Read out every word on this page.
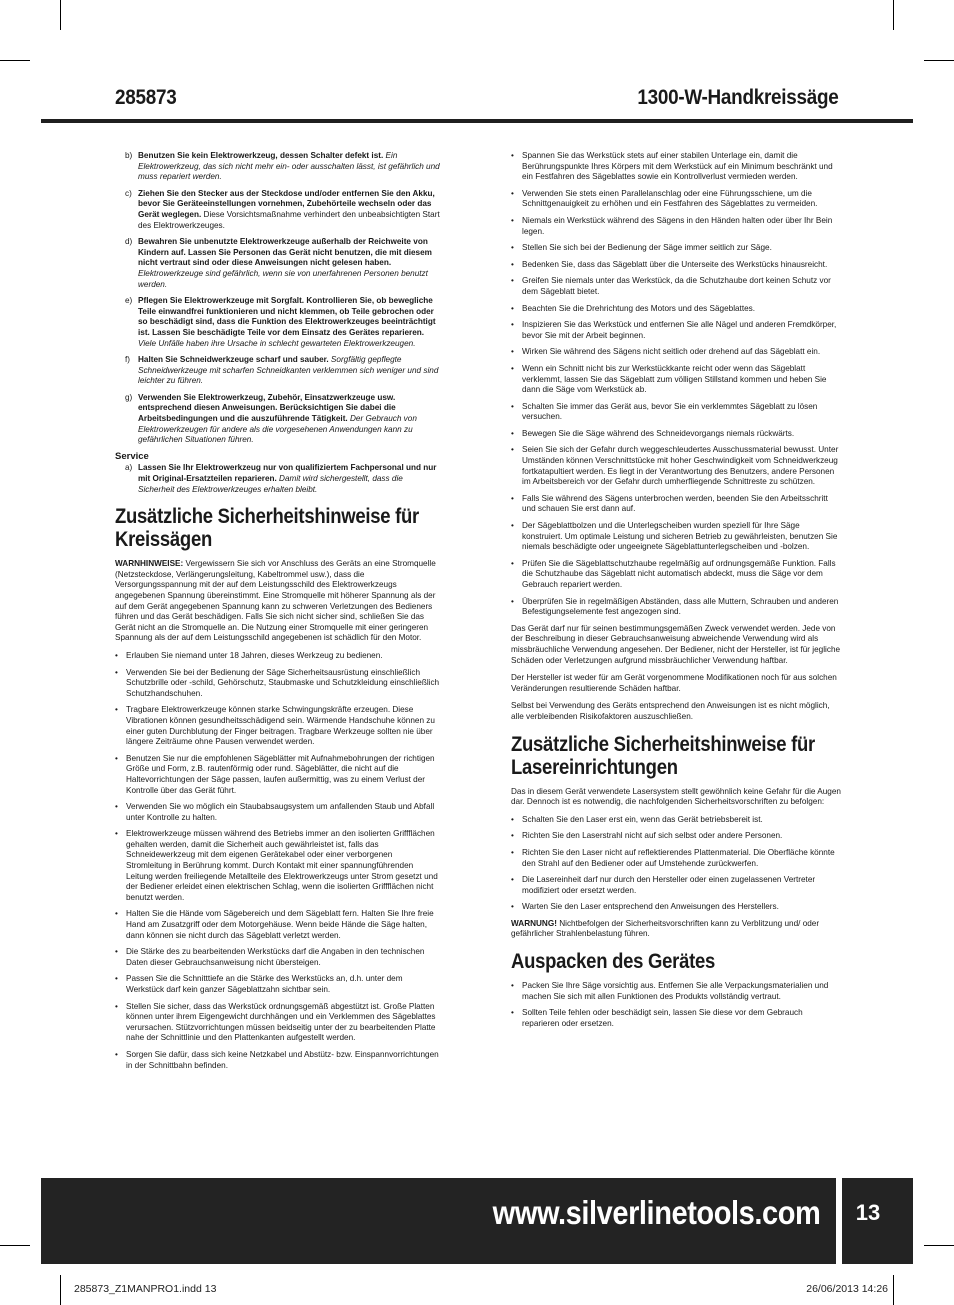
285873	1300-W-Handkreissäge
b) Benutzen Sie kein Elektrowerkzeug, dessen Schalter defekt ist. Ein Elektrowerkzeug, das sich nicht mehr ein- oder ausschalten lässt, ist gefährlich und muss repariert werden.
c) Ziehen Sie den Stecker aus der Steckdose und/oder entfernen Sie den Akku, bevor Sie Geräteeinstellungen vornehmen, Zubehörteile wechseln oder das Gerät weglegen. Diese Vorsichtsmaßnahme verhindert den unbeabsichtigten Start des Elektrowerkzeuges.
d) Bewahren Sie unbenutzte Elektrowerkzeuge außerhalb der Reichweite von Kindern auf. Lassen Sie Personen das Gerät nicht benutzen, die mit diesem nicht vertraut sind oder diese Anweisungen nicht gelesen haben. Elektrowerkzeuge sind gefährlich, wenn sie von unerfahrenen Personen benutzt werden.
e) Pflegen Sie Elektrowerkzeuge mit Sorgfalt. Kontrollieren Sie, ob bewegliche Teile einwandfrei funktionieren und nicht klemmen, ob Teile gebrochen oder so beschädigt sind, dass die Funktion des Elektrowerkzeuges beeinträchtigt ist. Lassen Sie beschädigte Teile vor dem Einsatz des Gerätes reparieren. Viele Unfälle haben ihre Ursache in schlecht gewarteten Elektrowerkzeugen.
f) Halten Sie Schneidwerkzeuge scharf und sauber. Sorgfältig gepflegte Schneidwerkzeuge mit scharfen Schneidkanten verklemmen sich weniger und sind leichter zu führen.
g) Verwenden Sie Elektrowerkzeug, Zubehör, Einsatzwerkzeuge usw. entsprechend diesen Anweisungen. Berücksichtigen Sie dabei die Arbeitsbedingungen und die auszuführende Tätigkeit. Der Gebrauch von Elektrowerkzeugen für andere als die vorgesehenen Anwendungen kann zu gefährlichen Situationen führen.
Service
a) Lassen Sie Ihr Elektrowerkzeug nur von qualifiziertem Fachpersonal und nur mit Original-Ersatzteilen reparieren. Damit wird sichergestellt, dass die Sicherheit des Elektrowerkzeuges erhalten bleibt.
Zusätzliche Sicherheitshinweise für Kreissägen

WARNHINWEISE: Vergewissern Sie sich vor Anschluss des Geräts an eine Stromquelle (Netzsteckdose, Verlängerungsleitung, Kabeltrommel usw.), dass die Versorgungsspannung mit der auf dem Leistungsschild des Elektrowerkzeugs angegebenen Spannung übereinstimmt. Eine Stromquelle mit höherer Spannung als der auf dem Gerät angegebenen Spannung kann zu schweren Verletzungen des Bedieners führen und das Gerät beschädigen. Falls Sie sich nicht sicher sind, schließen Sie das Gerät nicht an die Stromquelle an. Die Nutzung einer Stromquelle mit einer geringeren Spannung als der auf dem Leistungsschild angegebenen ist schädlich für den Motor.

• Erlauben Sie niemand unter 18 Jahren, dieses Werkzeug zu bedienen.
• Verwenden Sie bei der Bedienung der Säge Sicherheitsausrüstung einschließlich Schutzbrille oder -schild, Gehörschutz, Staubmaske und Schutzkleidung einschließlich Schutzhandschuhen.
• Tragbare Elektrowerkzeuge können starke Schwingungskräfte erzeugen. Diese Vibrationen können gesundheitsschädigend sein. Wärmende Handschuhe können zu einer guten Durchblutung der Finger beitragen. Tragbare Werkzeuge sollten nie über längere Zeiträume ohne Pausen verwendet werden.
• Benutzen Sie nur die empfohlenen Sägeblätter mit Aufnahmebohrungen der richtigen Größe und Form, z.B. rautenförmig oder rund. Sägeblätter, die nicht auf die Haltevorrichtungen der Säge passen, laufen außermittig, was zu einem Verlust der Kontrolle über das Gerät führt.
• Verwenden Sie wo möglich ein Staubabsaugsystem um anfallenden Staub und Abfall unter Kontrolle zu halten.
• Elektrowerkzeuge müssen während des Betriebs immer an den isolierten Griffflächen gehalten werden, damit die Sicherheit auch gewährleistet ist, falls das Schneidewerkzeug mit dem eigenen Gerätekabel oder einer verborgenen Stromleitung in Berührung kommt. Durch Kontakt mit einer spannungführenden Leitung werden freiliegende Metallteile des Elektrowerkzeugs unter Strom gesetzt und der Bediener erleidet einen elektrischen Schlag, wenn die isolierten Griffflächen nicht benutzt werden.
• Halten Sie die Hände vom Sägebereich und dem Sägeblatt fern. Halten Sie Ihre freie Hand am Zusatzgriff oder dem Motorgehäuse. Wenn beide Hände die Säge halten, dann können sie nicht durch das Sägeblatt verletzt werden.
• Die Stärke des zu bearbeitenden Werkstücks darf die Angaben in den technischen Daten dieser Gebrauchsanweisung nicht übersteigen.
• Passen Sie die Schnitttiefe an die Stärke des Werkstücks an, d.h. unter dem Werkstück darf kein ganzer Sägeblattzahn sichtbar sein.
• Stellen Sie sicher, dass das Werkstück ordnungsgemäß abgestützt ist. Große Platten können unter ihrem Eigengewicht durchhängen und ein Verklemmen des Sägeblattes verursachen. Stützvorrichtungen müssen beidseitig unter der zu bearbeitenden Platte nahe der Schnittlinie und den Plattenkanten aufgestellt werden.
• Sorgen Sie dafür, dass sich keine Netzkabel und Abstütz- bzw. Einspannvorrichtungen in der Schnittbahn befinden.
• Spannen Sie das Werkstück stets auf einer stabilen Unterlage ein, damit die Berührungspunkte Ihres Körpers mit dem Werkstück auf ein Minimum beschränkt und ein Festfahren des Sägeblattes sowie ein Kontrollverlust vermieden werden.
• Verwenden Sie stets einen Parallelanschlag oder eine Führungsschiene, um die Schnittgenauigkeit zu erhöhen und ein Festfahren des Sägeblattes zu vermeiden.
• Niemals ein Werkstück während des Sägens in den Händen halten oder über Ihr Bein legen.
• Stellen Sie sich bei der Bedienung der Säge immer seitlich zur Säge.
• Bedenken Sie, dass das Sägeblatt über die Unterseite des Werkstücks hinausreicht.
• Greifen Sie niemals unter das Werkstück, da die Schutzhaube dort keinen Schutz vor dem Sägeblatt bietet.
• Beachten Sie die Drehrichtung des Motors und des Sägeblattes.
• Inspizieren Sie das Werkstück und entfernen Sie alle Nägel und anderen Fremdkörper, bevor Sie mit der Arbeit beginnen.
• Wirken Sie während des Sägens nicht seitlich oder drehend auf das Sägeblatt ein.
• Wenn ein Schnitt nicht bis zur Werkstückkante reicht oder wenn das Sägeblatt verklemmt, lassen Sie das Sägeblatt zum völligen Stillstand kommen und heben Sie dann die Säge vom Werkstück ab.
• Schalten Sie immer das Gerät aus, bevor Sie ein verklemmtes Sägeblatt zu lösen versuchen.
• Bewegen Sie die Säge während des Schneidevorgangs niemals rückwärts.
• Seien Sie sich der Gefahr durch weggeschleudertes Ausschussmaterial bewusst. Unter Umständen können Verschnittstücke mit hoher Geschwindigkeit vom Schneidwerkzeug fortkatapultiert werden. Es liegt in der Verantwortung des Benutzers, andere Personen im Arbeitsbereich vor der Gefahr durch umherfliegende Schnittreste zu schützen.
• Falls Sie während des Sägens unterbrochen werden, beenden Sie den Arbeitsschritt und schauen Sie erst dann auf.
• Der Sägeblattbolzen und die Unterlegscheiben wurden speziell für Ihre Säge konstruiert. Um optimale Leistung und sicheren Betrieb zu gewährleisten, benutzen Sie niemals beschädigte oder ungeeignete Sägeblattunterlegscheiben und -bolzen.
• Prüfen Sie die Sägeblattschutzhaube regelmäßig auf ordnungsgemäße Funktion. Falls die Schutzhaube das Sägeblatt nicht automatisch abdeckt, muss die Säge vor dem Gebrauch repariert werden.
• Überprüfen Sie in regelmäßigen Abständen, dass alle Muttern, Schrauben und anderen Befestigungselemente fest angezogen sind.

Das Gerät darf nur für seinen bestimmungsgemäßen Zweck verwendet werden. Jede von der Beschreibung in dieser Gebrauchsanweisung abweichende Verwendung wird als missbräuchliche Verwendung angesehen. Der Bediener, nicht der Hersteller, ist für jegliche Schäden oder Verletzungen aufgrund missbräuchlicher Verwendung haftbar.

Der Hersteller ist weder für am Gerät vorgenommene Modifikationen noch für aus solchen Veränderungen resultierende Schäden haftbar.

Selbst bei Verwendung des Geräts entsprechend den Anweisungen ist es nicht möglich, alle verbleibenden Risikofaktoren auszuschließen.

Zusätzliche Sicherheitshinweise für Lasereinrichtungen

Das in diesem Gerät verwendete Lasersystem stellt gewöhnlich keine Gefahr für die Augen dar. Dennoch ist es notwendig, die nachfolgenden Sicherheitsvorschriften zu befolgen:

• Schalten Sie den Laser erst ein, wenn das Gerät betriebsbereit ist.
• Richten Sie den Laserstrahl nicht auf sich selbst oder andere Personen.
• Richten Sie den Laser nicht auf reflektierendes Plattenmaterial. Die Oberfläche könnte den Strahl auf den Bediener oder auf Umstehende zurückwerfen.
• Die Lasereinheit darf nur durch den Hersteller oder einen zugelassenen Vertreter modifiziert oder ersetzt werden.
• Warten Sie den Laser entsprechend den Anweisungen des Herstellers.

WARNUNG! Nichtbefolgen der Sicherheitsvorschriften kann zu Verblitzung und/ oder gefährlicher Strahlenbelastung führen.

Auspacken des Gerätes
• Packen Sie Ihre Säge vorsichtig aus. Entfernen Sie alle Verpackungsmaterialien und machen Sie sich mit allen Funktionen des Produkts vollständig vertraut.
• Sollten Teile fehlen oder beschädigt sein, lassen Sie diese vor dem Gebrauch reparieren oder ersetzen.
www.silverlinetools.com	13
285873_Z1MANPRO1.indd 13	26/06/2013 14:26
